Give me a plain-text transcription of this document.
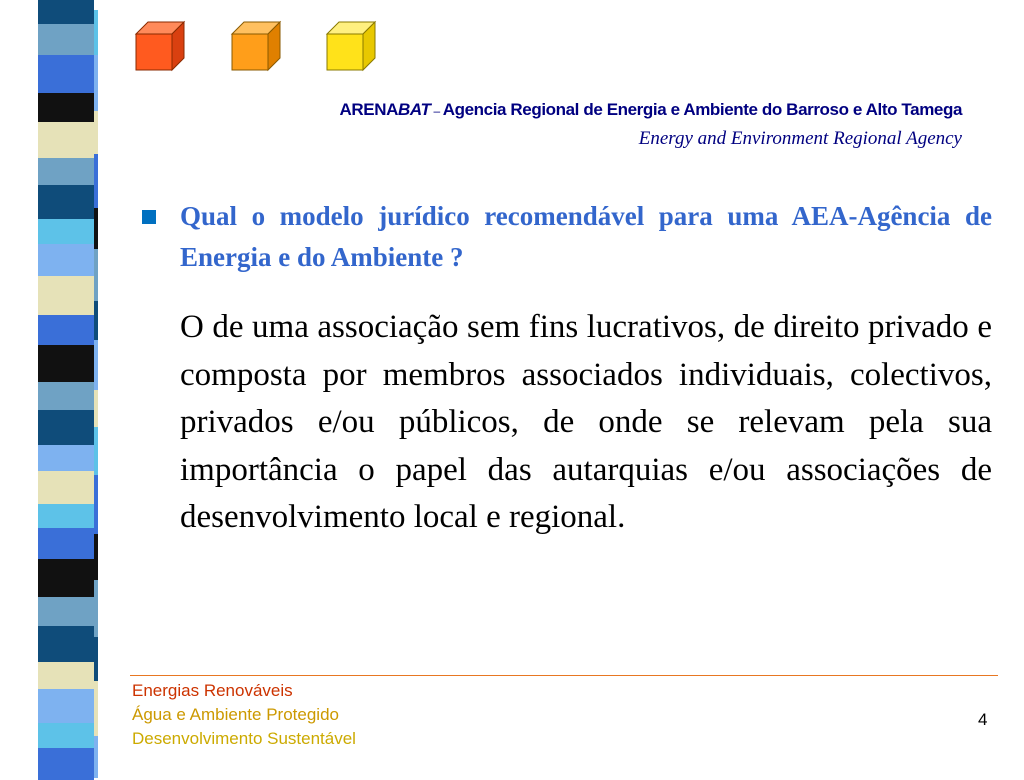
ARENABAT – Agencia Regional de Energia e Ambiente do Barroso e Alto Tamega
Energy and Environment Regional Agency

Qual o modelo jurídico recomendável para uma AEA-Agência de Energia e do Ambiente ?

O de uma associação sem fins lucrativos, de direito privado e composta por membros associados individuais, colectivos, privados e/ou públicos, de onde se relevam pela sua importância o papel das autarquias e/ou associações de desenvolvimento local e regional.

Energias Renováveis
Água e Ambiente Protegido
Desenvolvimento Sustentável
4
